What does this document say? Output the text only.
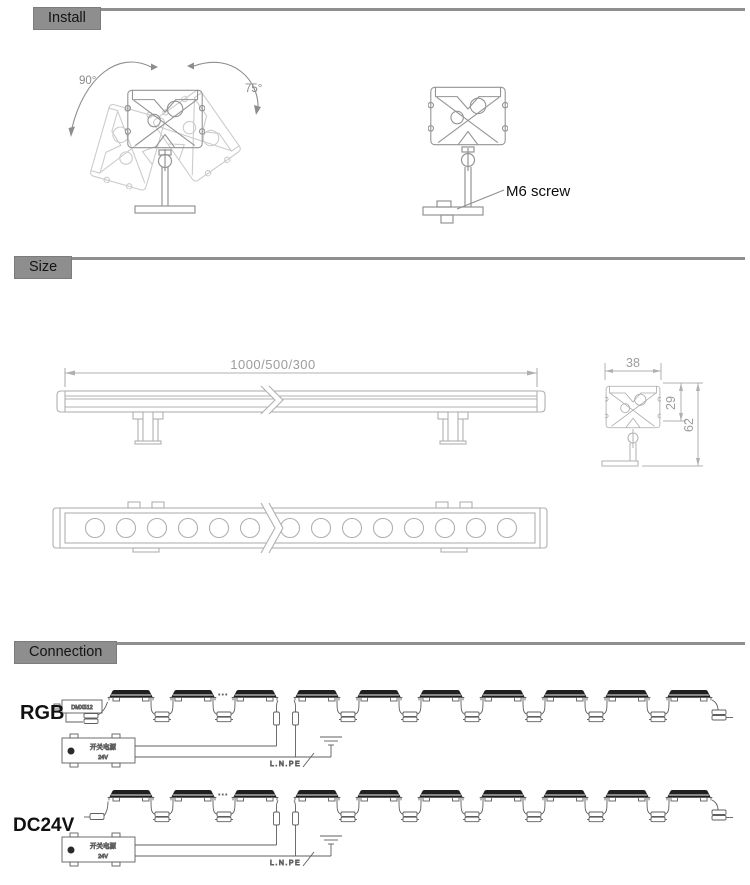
Install
Size
Connection
90°
75°
M6 screw
1000/500/300	38
29
62
...
DMX512
开关电源
24V
L.N.PE
RGB
...
开关电源
24V
L.N.PE
DC24V
